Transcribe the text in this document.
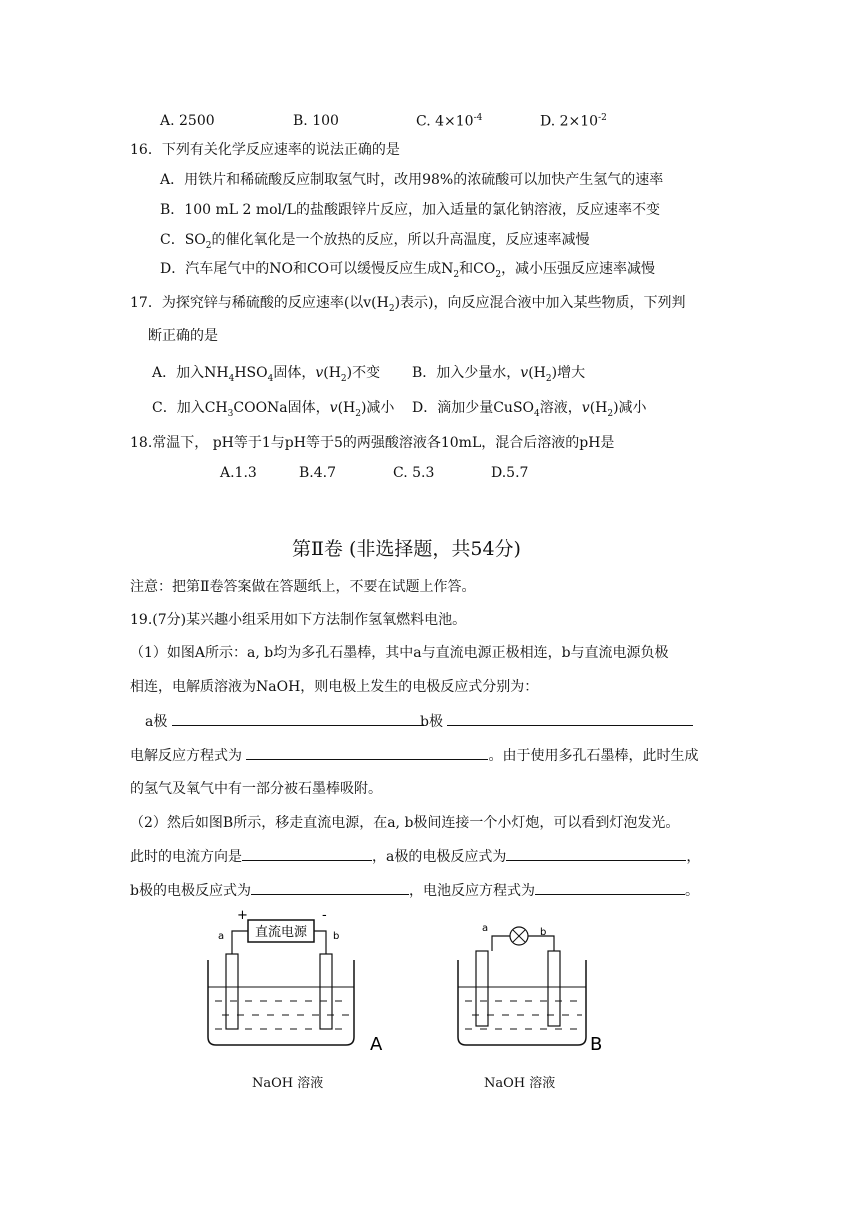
A. 2500	B. 100	C. $4\times 10^{-4}$	D. $2\times 10^{-2}$
16．下列有关化学反应速率的说法正确的是
A．用铁片和稀硫酸反应制取氢气时，改用98%的浓硫酸可以加快产生氢气的速率
B．100 mL 2 mol/L的盐酸跟锌片反应，加入适量的氯化钠溶液，反应速率不变
C．$SO_2$的催化氧化是一个放热的反应，所以升高温度，反应速率减慢
D．汽车尾气中的NO和CO可以缓慢反应生成$N_2$和$CO_2$，减小压强反应速率减慢
17．为探究锌与稀硫酸的反应速率(以$v(H_2)$表示)，向反应混合液中加入某些物质，下列判
断正确的是
A．加入$NH_4HSO_4$固体，$v(H_2)$不变 B．加入少量水，$v(H_2)$增大
C．加入$CH_3COONa$固体，$v(H_2)$减小 D．滴加少量CuSO$_4$溶液，$v(H_2)$减小
18.常温下， pH等于1与pH等于5的两强酸溶液各10mL，混合后溶液的pH是
A.1.3	B.4.7	C. 5.3	D.5.7
第Ⅱ卷 (非选择题，共54分)
注意：把第Ⅱ卷答案做在答题纸上，不要在试题上作答。
19.(7分)某兴趣小组采用如下方法制作氢氧燃料电池。
（1）如图A所示：a, b均为多孔石墨棒，其中a与直流电源正极相连，b与直流电源负极
相连，电解质溶液为NaOH，则电极上发生的电极反应式分别为：
a极	b极
电解反应方程式为	。由于使用多孔石墨棒，此时生成
的氢气及氧气中有一部分被石墨棒吸附。
（2）然后如图B所示，移走直流电源，在a, b极间连接一个小灯炮，可以看到灯泡发光。
此时的电流方向是	，a极的电极反应式为	，
b极的电极反应式为	，电池反应方程式为	。
直流电源
+	-
a	b
A
NaOH 溶液
a	b
B
NaOH 溶液
